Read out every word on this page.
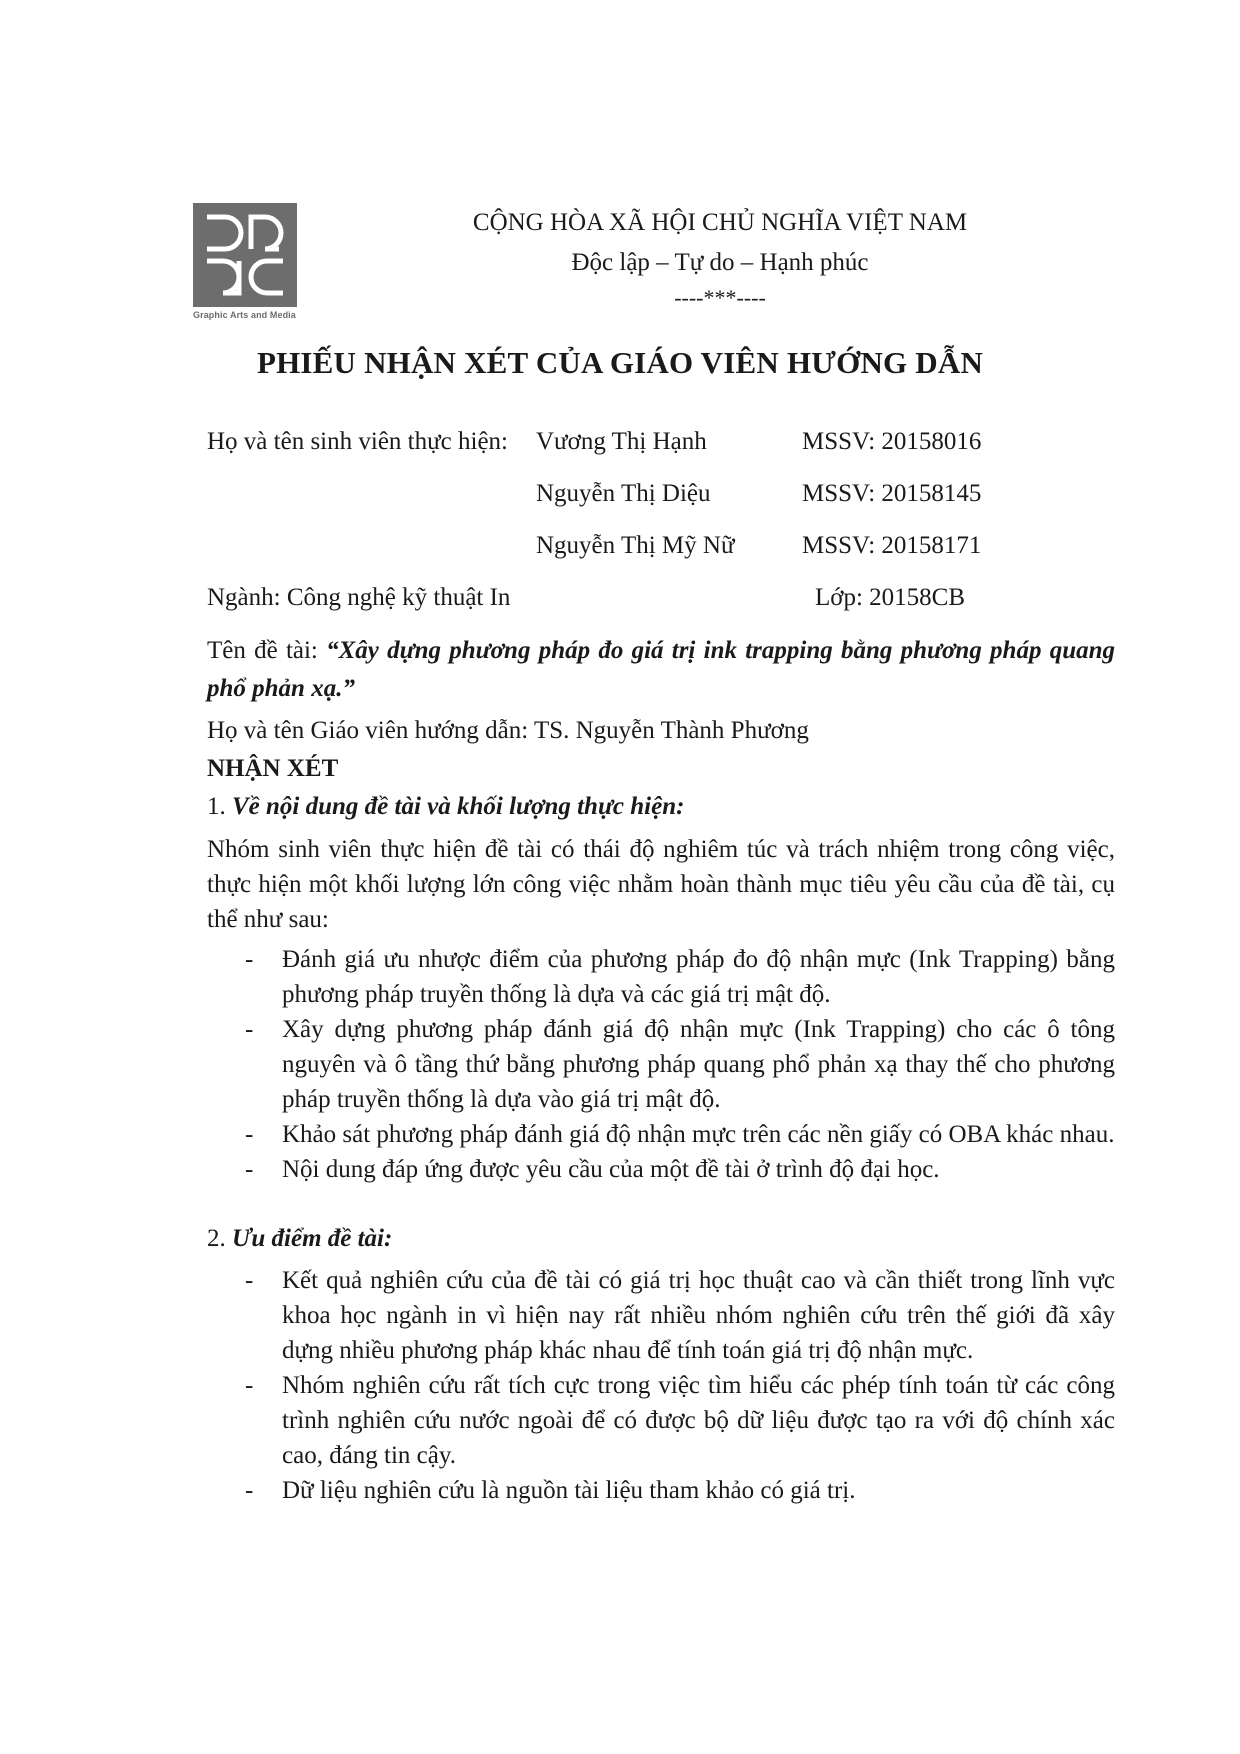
Graphic Arts and Media
CỘNG HÒA XÃ HỘI CHỦ NGHĨA VIỆT NAM
Độc lập – Tự do – Hạnh phúc
----***----
PHIẾU NHẬN XÉT CỦA GIÁO VIÊN HƯỚNG DẪN
Họ và tên sinh viên thực hiện: Vương Thị Hạnh	MSSV: 20158016
Nguyễn Thị Diệu	MSSV: 20158145
Nguyễn Thị Mỹ Nữ	MSSV: 20158171
Ngành: Công nghệ kỹ thuật In	Lớp: 20158CB
Tên đề tài: “Xây dựng phương pháp đo giá trị ink trapping bằng phương pháp quang phổ phản xạ.”
Họ và tên Giáo viên hướng dẫn: TS. Nguyễn Thành Phương
NHẬN XÉT
1. Về nội dung đề tài và khối lượng thực hiện:
Nhóm sinh viên thực hiện đề tài có thái độ nghiêm túc và trách nhiệm trong công việc, thực hiện một khối lượng lớn công việc nhằm hoàn thành mục tiêu yêu cầu của đề tài, cụ thể như sau:
- Đánh giá ưu nhược điểm của phương pháp đo độ nhận mực (Ink Trapping) bằng phương pháp truyền thống là dựa và các giá trị mật độ.
- Xây dựng phương pháp đánh giá độ nhận mực (Ink Trapping) cho các ô tông nguyên và ô tầng thứ bằng phương pháp quang phổ phản xạ thay thế cho phương pháp truyền thống là dựa vào giá trị mật độ.
- Khảo sát phương pháp đánh giá độ nhận mực trên các nền giấy có OBA khác nhau.
- Nội dung đáp ứng được yêu cầu của một đề tài ở trình độ đại học.
2. Ưu điểm đề tài:
- Kết quả nghiên cứu của đề tài có giá trị học thuật cao và cần thiết trong lĩnh vực khoa học ngành in vì hiện nay rất nhiều nhóm nghiên cứu trên thế giới đã xây dựng nhiều phương pháp khác nhau để tính toán giá trị độ nhận mực.
- Nhóm nghiên cứu rất tích cực trong việc tìm hiểu các phép tính toán từ các công trình nghiên cứu nước ngoài để có được bộ dữ liệu được tạo ra với độ chính xác cao, đáng tin cậy.
- Dữ liệu nghiên cứu là nguồn tài liệu tham khảo có giá trị.
